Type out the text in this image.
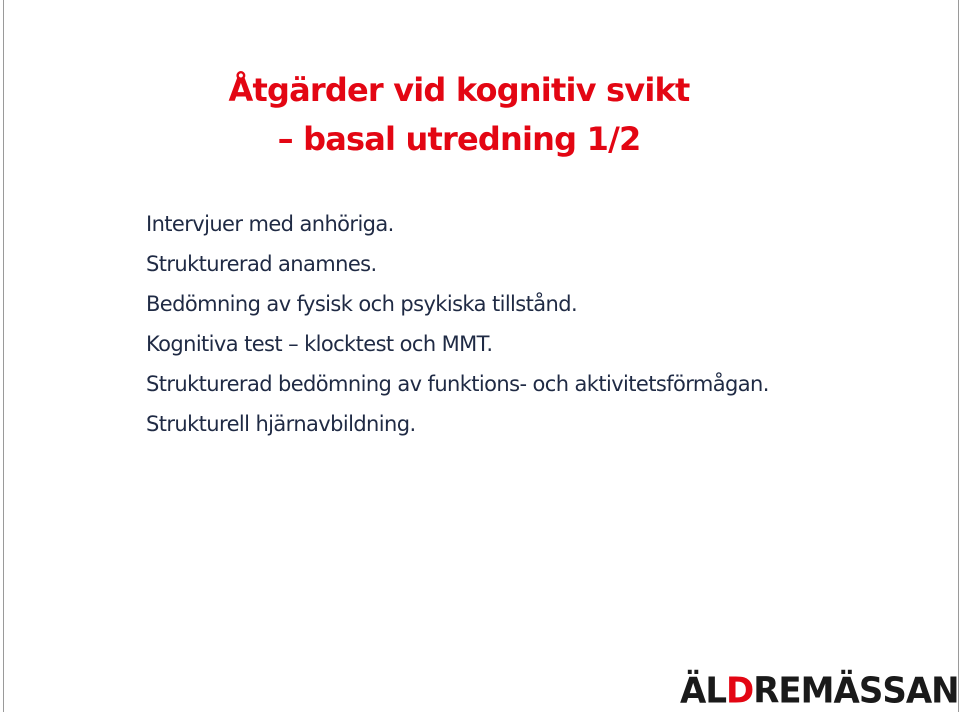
Åtgärder vid kognitiv svikt
– basal utredning 1/2
Intervjuer med anhöriga.
Strukturerad anamnes.
Bedömning av fysisk och psykiska tillstånd.
Kognitiva test – klocktest och MMT.
Strukturerad bedömning av funktions- och aktivitetsförmågan.
Strukturell hjärnavbildning.
Ä L D R E M Ä S S A N
